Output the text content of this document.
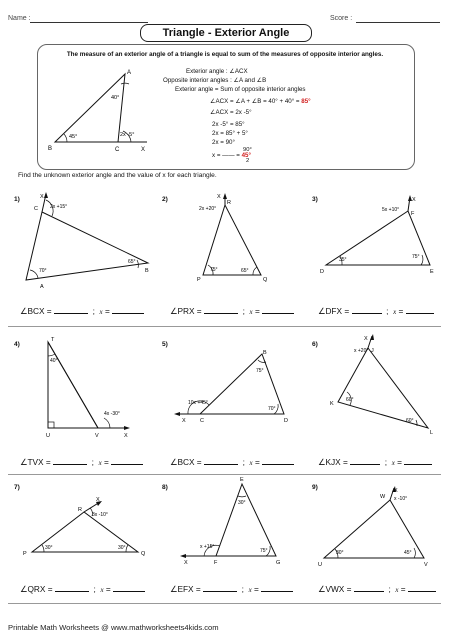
Name :	Score :
Triangle - Exterior Angle
The measure of an exterior angle of a triangle is equal to sum of the measures of opposite interior angles.
A
B	C	X
40°
45°	2x -5°
Exterior angle : ∠ACX
Opposite interior angles : ∠A and ∠B
Exterior angle = Sum of opposite interior angles
∠ACX = ∠A + ∠B = 40° + 40° = 85°
∠ACX = 2x -5°
2x -5° = 85°
2x = 85° + 5°
2x = 90°
x = —— = 45°
90°
2
Find the unknown exterior angle and the value of x for each triangle.
1)	2)	3)
4)	5)	6)
7)	8)	9)
C
A
B
X
2x +15°
70°
65°
R
P	Q
X
2x +20°
75°	65°
F
D	E
X
5x +10°
35°	75°
T
U	V	X
40°
4x -30°
B
C	D
X
10x +45°
75°
70°
J
K
L
X
x +20°
60°
60°
R
P	Q
X
3x -10°
30°	30°
E
F	G
X
x +15°
30°
75°
W
U	V
X
x -10°
30°	45°
∠BCX =	; x =	∠PRX =	; x =	∠DFX =	; x =
∠TVX =	; x =	∠BCX =	; x =	∠KJX =	; x =
∠QRX =	; x =	∠EFX =	; x =	∠VWX =	; x =
Printable Math Worksheets @ www.mathworksheets4kids.com
